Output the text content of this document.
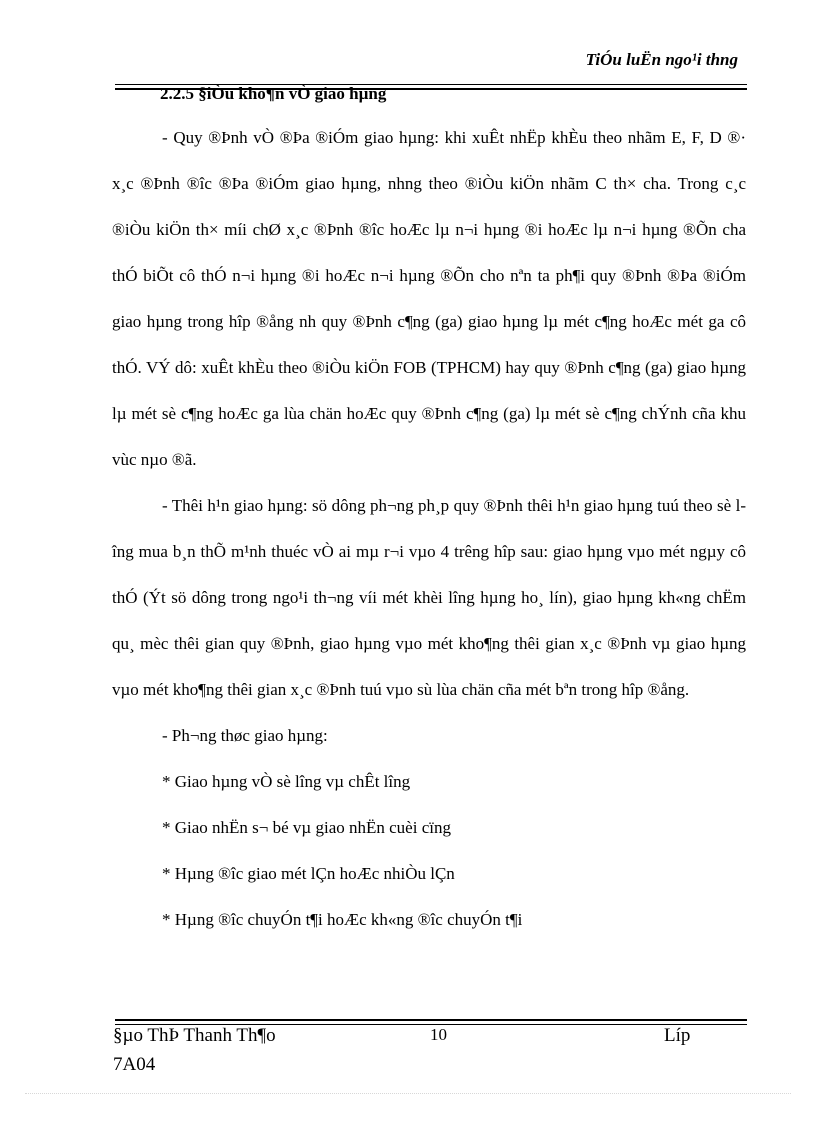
TiÓu luËn ngo¹i thng
2.2.5 §iÒu kho¶n vÒ giao hµng

- Quy ®Þnh vÒ ®Þa ®iÓm giao hµng: khi xuÊt nhËp khÈu theo nhãm E, F, D ®· x¸c ®Þnh ®îc ®Þa ®iÓm giao hµng, nhng theo ®iÒu kiÖn nhãm C th× cha. Trong c¸c ®iÒu kiÖn th× míi chØ x¸c ®Þnh ®îc hoÆc lµ n¬i hµng ®i hoÆc lµ n¬i hµng ®Õn cha thÓ biÕt cô thÓ n¬i hµng ®i hoÆc n¬i hµng ®Õn cho nªn ta ph¶i quy ®Þnh ®Þa ®iÓm giao hµng trong hîp ®ång nh quy ®Þnh c¶ng (ga) giao hµng lµ mét c¶ng hoÆc mét ga cô thÓ. VÝ dô: xuÊt khÈu theo ®iÒu kiÖn FOB (TPHCM) hay quy ®Þnh c¶ng (ga) giao hµng lµ mét sè c¶ng hoÆc ga lùa chän hoÆc quy ®Þnh c¶ng (ga) lµ mét sè c¶ng chÝnh cña khu vùc nµo ®ã.

- Thêi h¹n giao hµng: sö dông ph¬ng ph¸p quy ®Þnh thêi h¹n giao hµng tuú theo sè lîng mua b¸n thÕ m¹nh thuéc vÒ ai mµ r¬i vµo 4 trêng hîp sau: giao hµng vµo mét ngµy cô thÓ (Ýt sö dông trong ngo¹i th¬ng víi mét khèi lîng hµng ho¸ lín), giao hµng kh«ng chËm qu¸ mèc thêi gian quy ®Þnh, giao hµng vµo mét kho¶ng thêi gian x¸c ®Þnh vµ giao hµng vµo mét kho¶ng thêi gian x¸c ®Þnh tuú vµo sù lùa chän cña mét bªn trong hîp ®ång.

- Ph¬ng thøc giao hµng:

* Giao hµng vÒ sè lîng vµ chÊt lîng

* Giao nhËn s¬ bé vµ giao nhËn cuèi cïng

* Hµng ®îc giao mét lÇn hoÆc nhiÒu lÇn

* Hµng ®îc chuyÓn t¶i hoÆc kh«ng ®îc chuyÓn t¶i

§µo ThÞ Thanh Th¶o	10	Líp
7A04
